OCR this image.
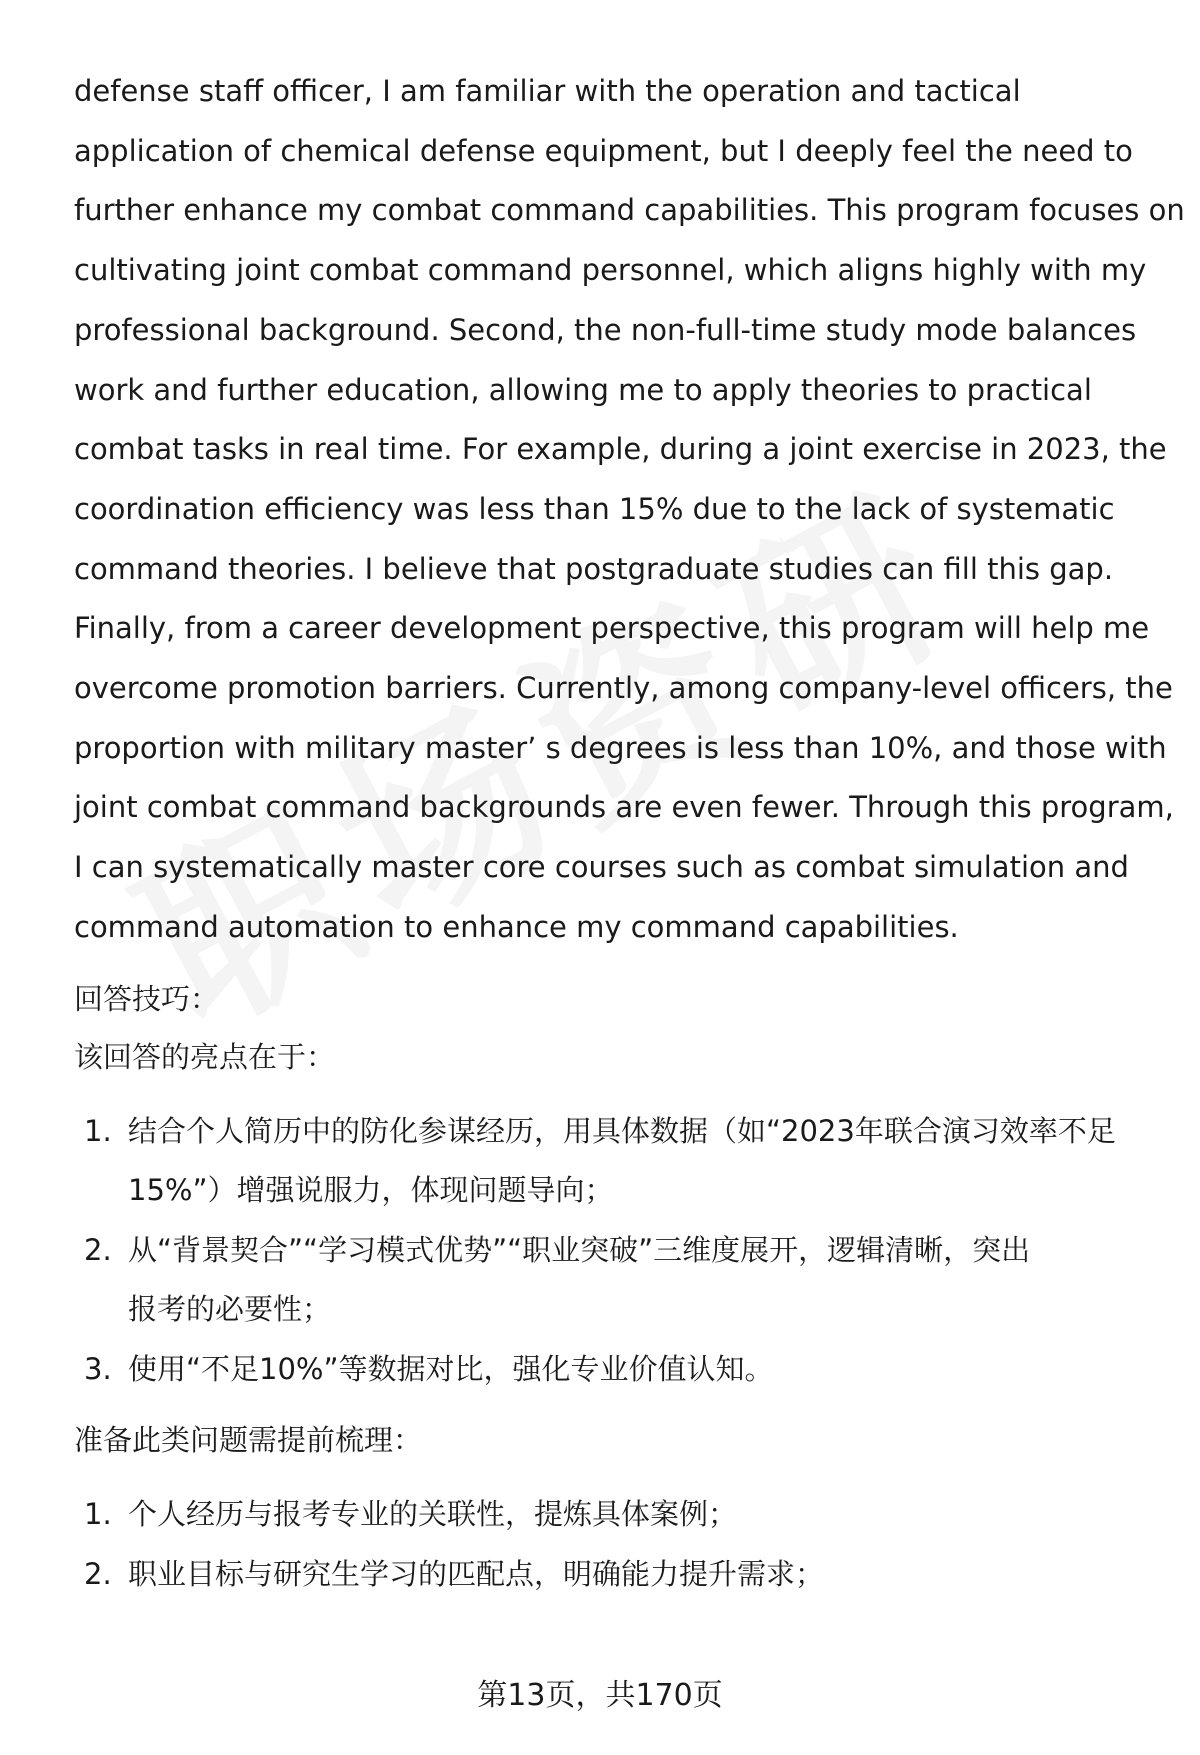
defense staff officer, I am familiar with the operation and tactical
application of chemical defense equipment, but I deeply feel the need to
further enhance my combat command capabilities. This program focuses on
cultivating joint combat command personnel, which aligns highly with my
professional background. Second, the non-full-time study mode balances
work and further education, allowing me to apply theories to practical
combat tasks in real time. For example, during a joint exercise in 2023, the
coordination efficiency was less than 15% due to the lack of systematic
command theories. I believe that postgraduate studies can fill this gap.
Finally, from a career development perspective, this program will help me
overcome promotion barriers. Currently, among company-level officers, the
proportion with military master’ s degrees is less than 10%, and those with
joint combat command backgrounds are even fewer. Through this program,
I can systematically master core courses such as combat simulation and
command automation to enhance my command capabilities.

回答技巧：

该回答的亮点在于：

1. 结合个人简历中的防化参谋经历，用具体数据（如“2023年联合演习效率不足
15%”）增强说服力，体现问题导向；
2. 从“背景契合”“学习模式优势”“职业突破”三维度展开，逻辑清晰，突出
报考的必要性；
3. 使用“不足10%”等数据对比，强化专业价值认知。

准备此类问题需提前梳理：

1. 个人经历与报考专业的关联性，提炼具体案例；
2. 职业目标与研究生学习的匹配点，明确能力提升需求；
第13页，共170页
